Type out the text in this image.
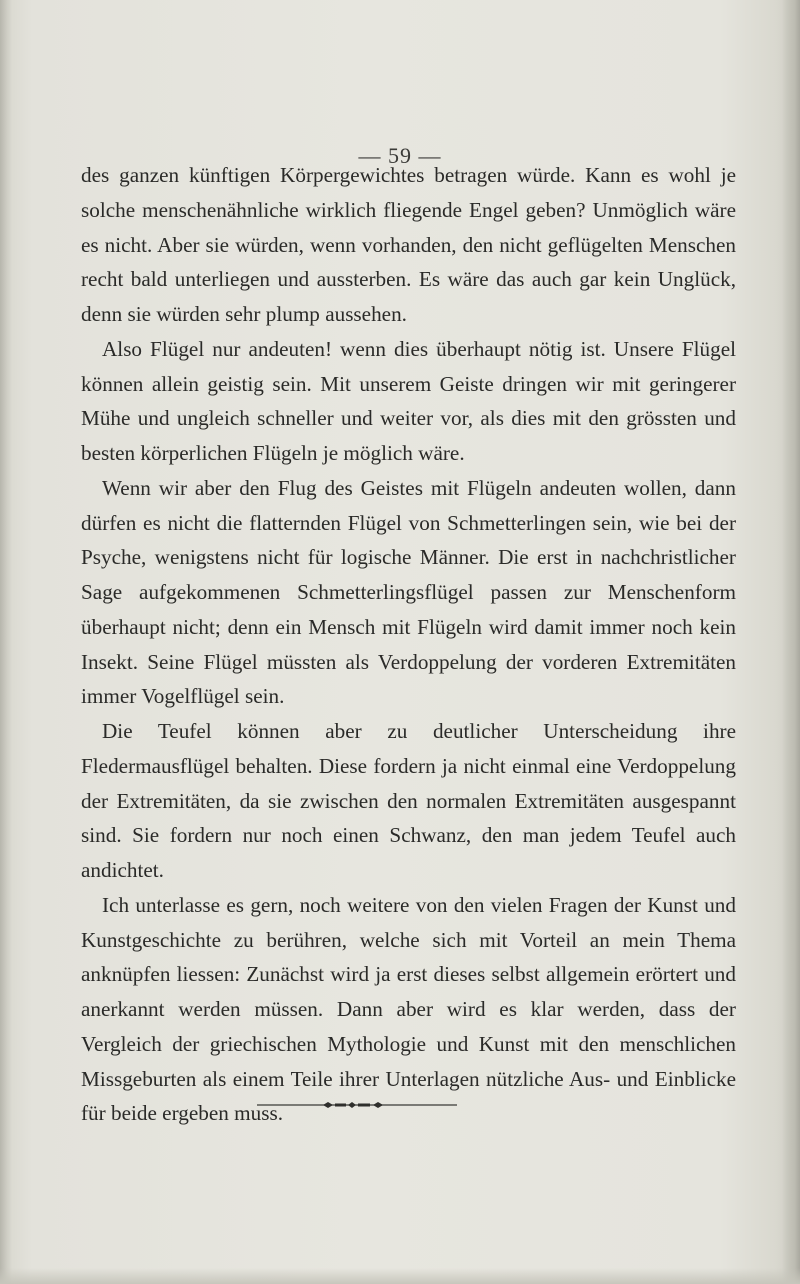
— 59 —

des ganzen künftigen Körpergewichtes betragen würde. Kann es wohl je solche menschenähnliche wirklich fliegende Engel geben? Unmöglich wäre es nicht. Aber sie würden, wenn vorhanden, den nicht geflügelten Menschen recht bald unterliegen und aussterben. Es wäre das auch gar kein Unglück, denn sie würden sehr plump aussehen.

Also Flügel nur andeuten! wenn dies überhaupt nötig ist. Unsere Flügel können allein geistig sein. Mit unserem Geiste dringen wir mit geringerer Mühe und ungleich schneller und weiter vor, als dies mit den grössten und besten körperlichen Flügeln je möglich wäre.

Wenn wir aber den Flug des Geistes mit Flügeln andeuten wollen, dann dürfen es nicht die flatternden Flügel von Schmetterlingen sein, wie bei der Psyche, wenigstens nicht für logische Männer. Die erst in nachchristlicher Sage aufgekommenen Schmetterlingsflügel passen zur Menschenform überhaupt nicht; denn ein Mensch mit Flügeln wird damit immer noch kein Insekt. Seine Flügel müssten als Verdoppelung der vorderen Extremitäten immer Vogelflügel sein.

Die Teufel können aber zu deutlicher Unterscheidung ihre Fledermausflügel behalten. Diese fordern ja nicht einmal eine Verdoppelung der Extremitäten, da sie zwischen den normalen Extremitäten ausgespannt sind. Sie fordern nur noch einen Schwanz, den man jedem Teufel auch andichtet.

Ich unterlasse es gern, noch weitere von den vielen Fragen der Kunst und Kunstgeschichte zu berühren, welche sich mit Vorteil an mein Thema anknüpfen liessen: Zunächst wird ja erst dieses selbst allgemein erörtert und anerkannt werden müssen. Dann aber wird es klar werden, dass der Vergleich der griechischen Mythologie und Kunst mit den menschlichen Missgeburten als einem Teile ihrer Unterlagen nützliche Aus- und Einblicke für beide ergeben muss.
